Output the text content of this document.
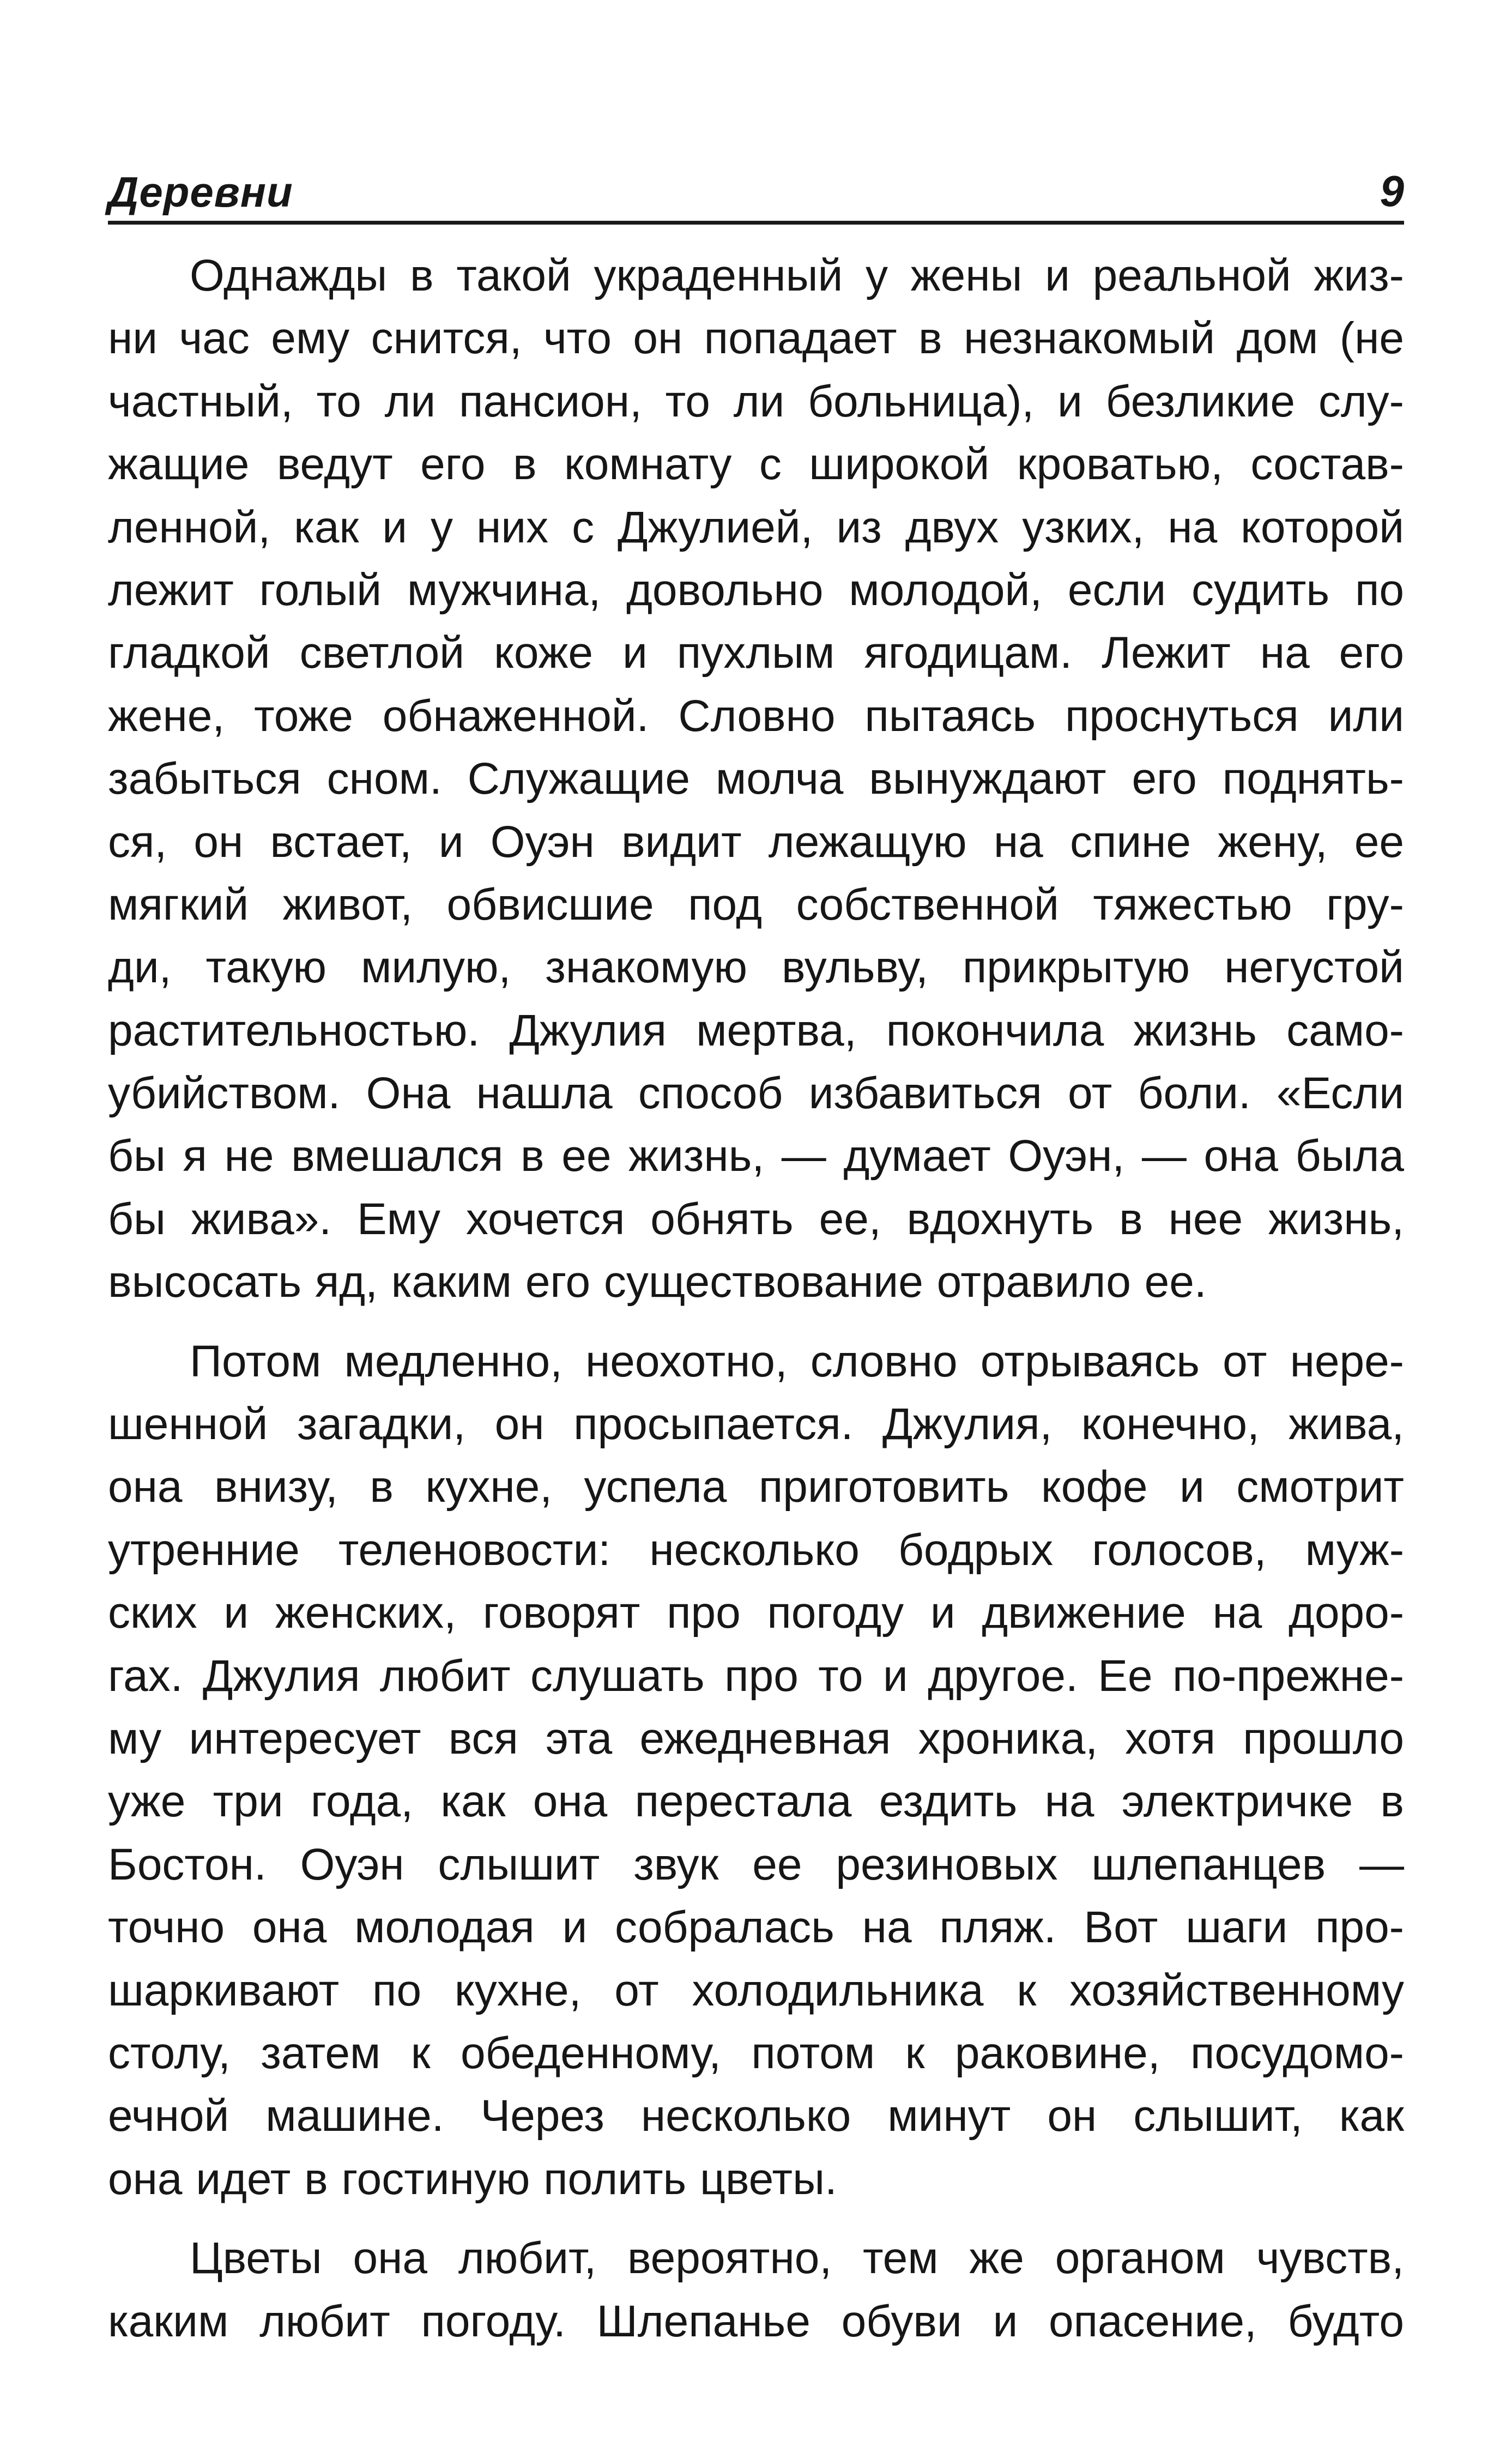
Деревни	9
Однажды в такой украденный у жены и реальной жиз-
ни час ему снится, что он попадает в незнакомый дом (не
частный, то ли пансион, то ли больница), и безликие слу-
жащие ведут его в комнату с широкой кроватью, состав-
ленной, как и у них с Джулией, из двух узких, на которой
лежит голый мужчина, довольно молодой, если судить по
гладкой светлой коже и пухлым ягодицам. Лежит на его
жене, тоже обнаженной. Словно пытаясь проснуться или
забыться сном. Служащие молча вынуждают его поднять-
ся, он встает, и Оуэн видит лежащую на спине жену, ее
мягкий живот, обвисшие под собственной тяжестью гру-
ди, такую милую, знакомую вульву, прикрытую негустой
растительностью. Джулия мертва, покончила жизнь само-
убийством. Она нашла способ избавиться от боли. «Если
бы я не вмешался в ее жизнь, — думает Оуэн, — она была
бы жива». Ему хочется обнять ее, вдохнуть в нее жизнь,
высосать яд, каким его существование отравило ее.
Потом медленно, неохотно, словно отрываясь от нере-
шенной загадки, он просыпается. Джулия, конечно, жива,
она внизу, в кухне, успела приготовить кофе и смотрит
утренние теленовости: несколько бодрых голосов, муж-
ских и женских, говорят про погоду и движение на доро-
гах. Джулия любит слушать про то и другое. Ее по-прежне-
му интересует вся эта ежедневная хроника, хотя прошло
уже три года, как она перестала ездить на электричке в
Бостон. Оуэн слышит звук ее резиновых шлепанцев —
точно она молодая и собралась на пляж. Вот шаги про-
шаркивают по кухне, от холодильника к хозяйственному
столу, затем к обеденному, потом к раковине, посудомо-
ечной машине. Через несколько минут он слышит, как
она идет в гостиную полить цветы.
Цветы она любит, вероятно, тем же органом чувств,
каким любит погоду. Шлепанье обуви и опасение, будто
